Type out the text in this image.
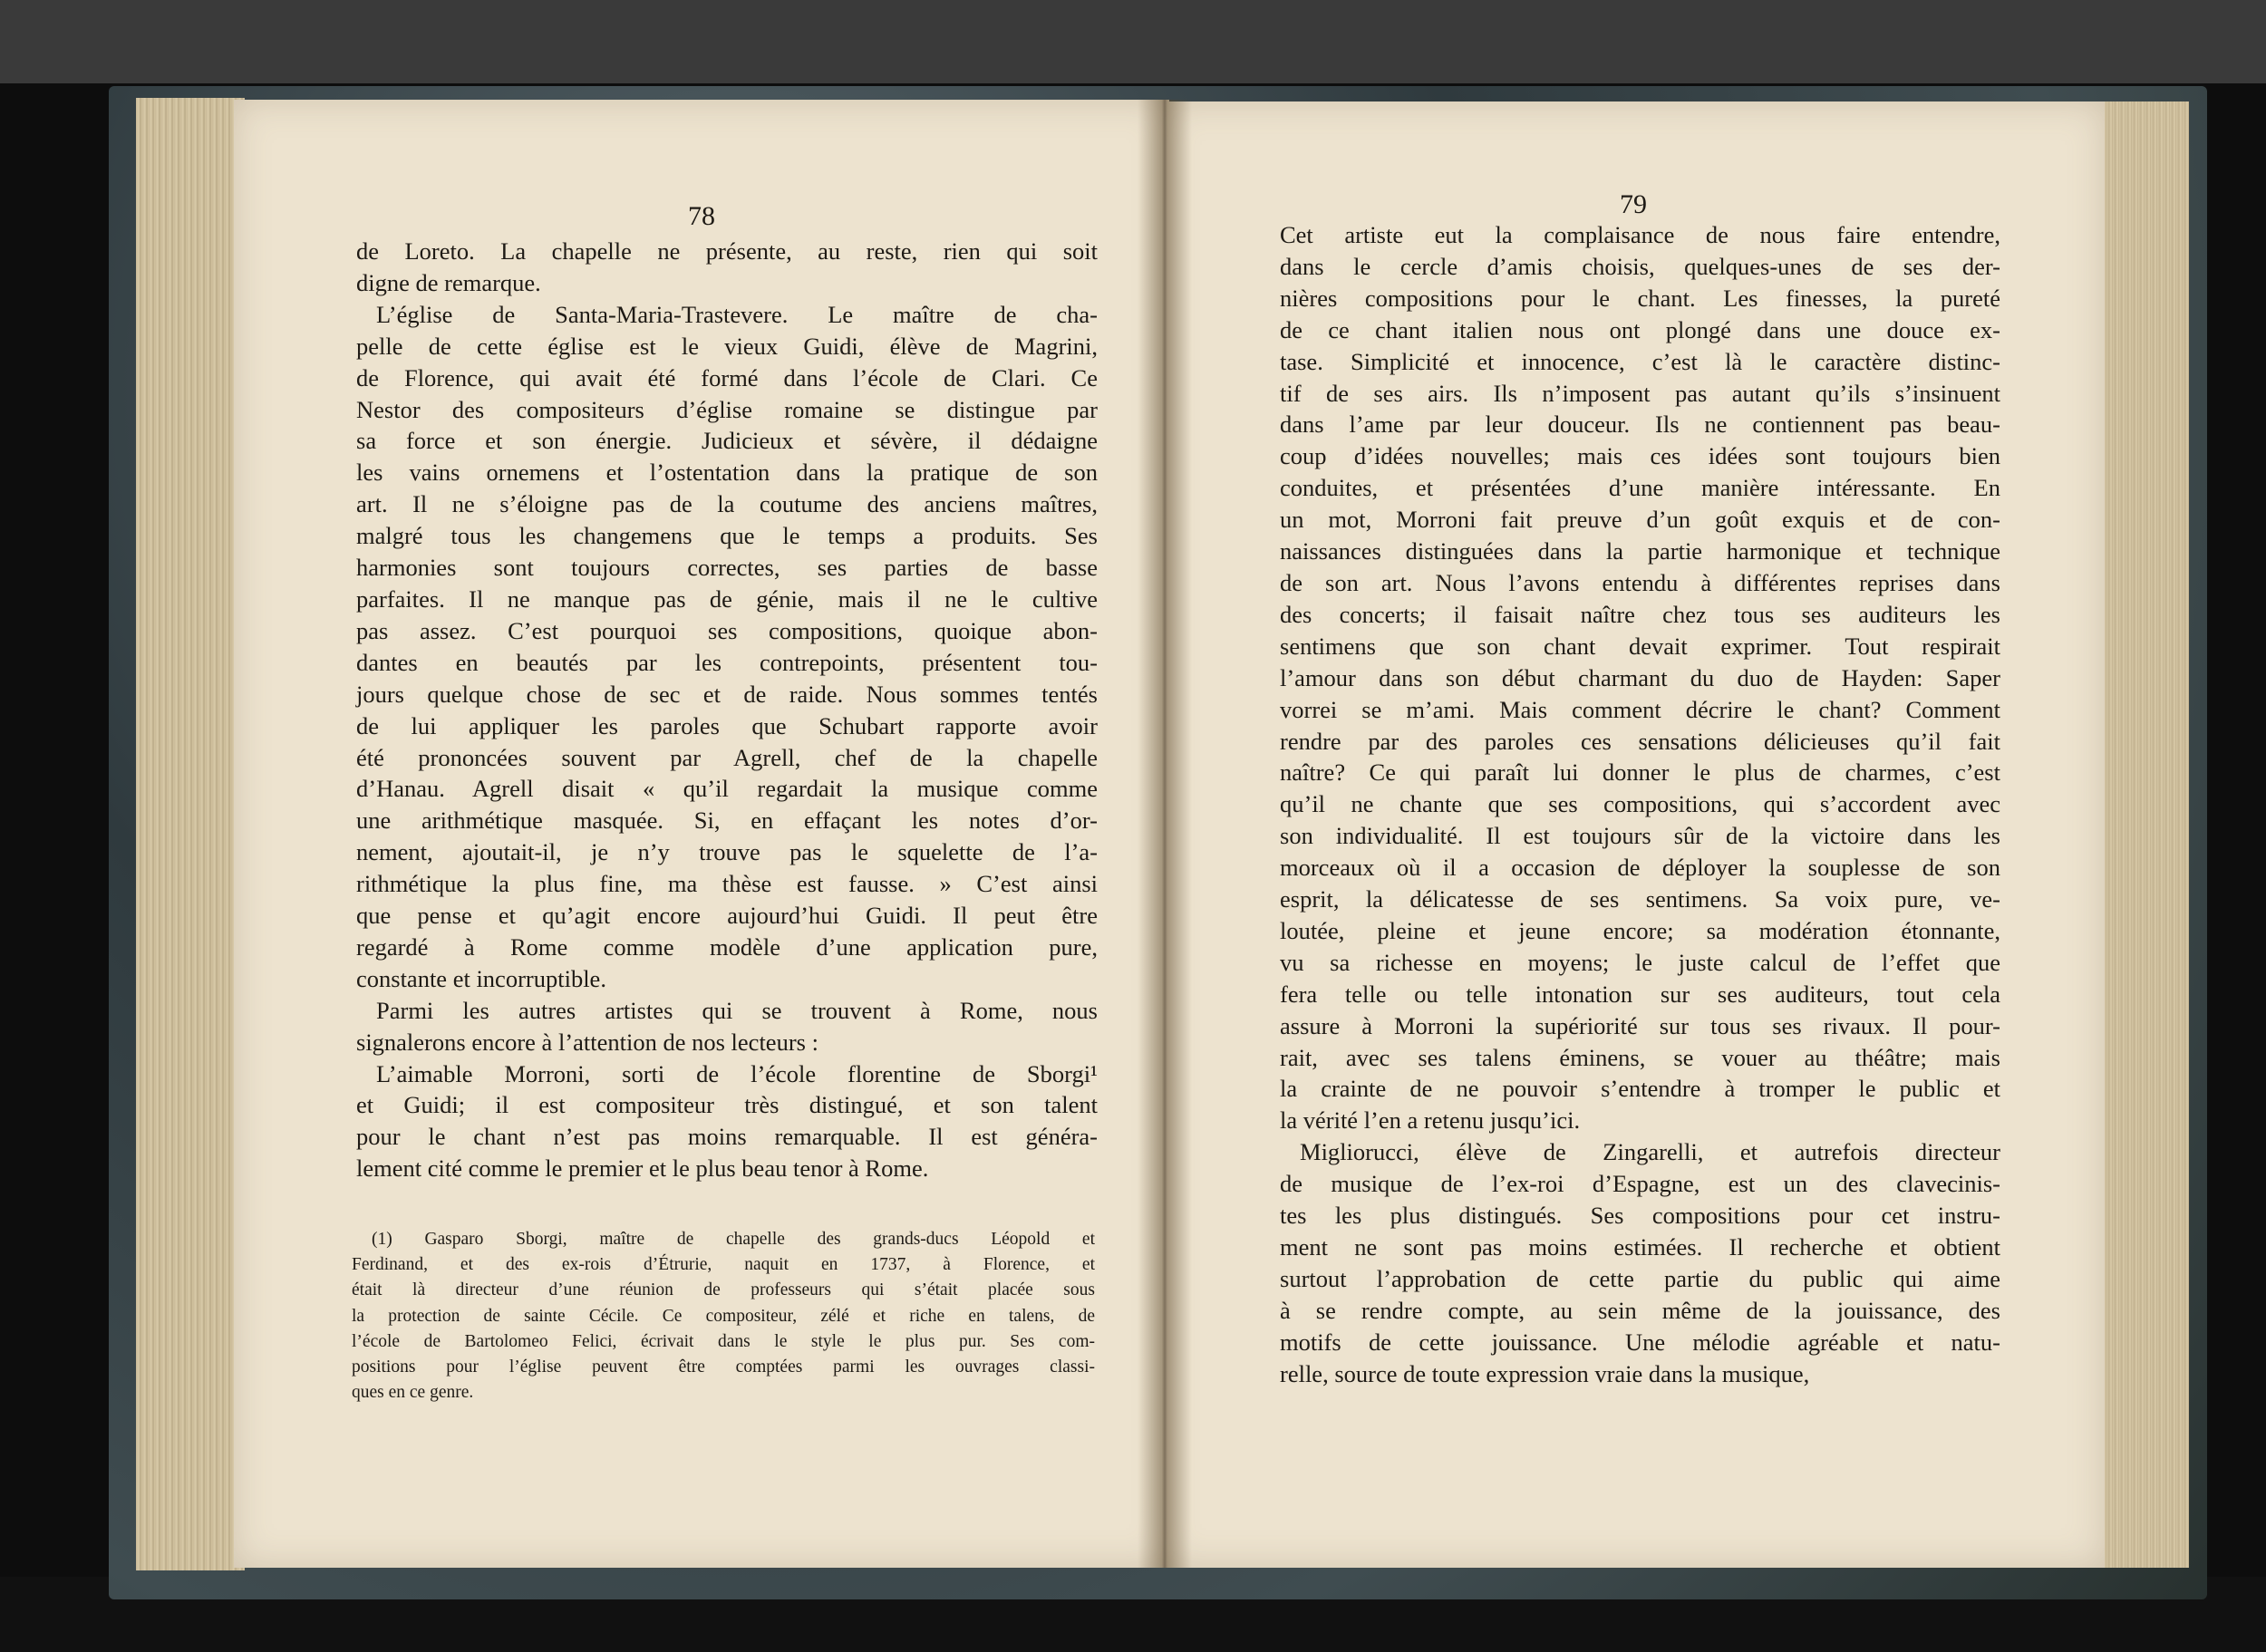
78
de Loreto. La chapelle ne présente, au reste, rien qui soit
digne de remarque.
L’église de Santa-Maria-Trastevere. Le maître de cha-
pelle de cette église est le vieux Guidi, élève de Magrini,
de Florence, qui avait été formé dans l’école de Clari. Ce
Nestor des compositeurs d’église romaine se distingue par
sa force et son énergie. Judicieux et sévère, il dédaigne
les vains ornemens et l’ostentation dans la pratique de son
art. Il ne s’éloigne pas de la coutume des anciens maîtres,
malgré tous les changemens que le temps a produits. Ses
harmonies sont toujours correctes, ses parties de basse
parfaites. Il ne manque pas de génie, mais il ne le cultive
pas assez. C’est pourquoi ses compositions, quoique abon-
dantes en beautés par les contrepoints, présentent tou-
jours quelque chose de sec et de raide. Nous sommes tentés
de lui appliquer les paroles que Schubart rapporte avoir
été prononcées souvent par Agrell, chef de la chapelle
d’Hanau. Agrell disait « qu’il regardait la musique comme
une arithmétique masquée. Si, en effaçant les notes d’or-
nement, ajoutait-il, je n’y trouve pas le squelette de l’a-
rithmétique la plus fine, ma thèse est fausse. » C’est ainsi
que pense et qu’agit encore aujourd’hui Guidi. Il peut être
regardé à Rome comme modèle d’une application pure,
constante et incorruptible.
Parmi les autres artistes qui se trouvent à Rome, nous
signalerons encore à l’attention de nos lecteurs :
L’aimable Morroni, sorti de l’école florentine de Sborgi¹
et Guidi; il est compositeur très distingué, et son talent
pour le chant n’est pas moins remarquable. Il est généra-
lement cité comme le premier et le plus beau tenor à Rome.
(1) Gasparo Sborgi, maître de chapelle des grands-ducs Léopold et
Ferdinand, et des ex-rois d’Étrurie, naquit en 1737, à Florence, et
était là directeur d’une réunion de professeurs qui s’était placée sous
la protection de sainte Cécile. Ce compositeur, zélé et riche en talens, de
l’école de Bartolomeo Felici, écrivait dans le style le plus pur. Ses com-
positions pour l’église peuvent être comptées parmi les ouvrages classi-
ques en ce genre.
79
Cet artiste eut la complaisance de nous faire entendre,
dans le cercle d’amis choisis, quelques-unes de ses der-
nières compositions pour le chant. Les finesses, la pureté
de ce chant italien nous ont plongé dans une douce ex-
tase. Simplicité et innocence, c’est là le caractère distinc-
tif de ses airs. Ils n’imposent pas autant qu’ils s’insinuent
dans l’ame par leur douceur. Ils ne contiennent pas beau-
coup d’idées nouvelles; mais ces idées sont toujours bien
conduites, et présentées d’une manière intéressante. En
un mot, Morroni fait preuve d’un goût exquis et de con-
naissances distinguées dans la partie harmonique et technique
de son art. Nous l’avons entendu à différentes reprises dans
des concerts; il faisait naître chez tous ses auditeurs les
sentimens que son chant devait exprimer. Tout respirait
l’amour dans son début charmant du duo de Hayden: Saper
vorrei se m’ami. Mais comment décrire le chant? Comment
rendre par des paroles ces sensations délicieuses qu’il fait
naître? Ce qui paraît lui donner le plus de charmes, c’est
qu’il ne chante que ses compositions, qui s’accordent avec
son individualité. Il est toujours sûr de la victoire dans les
morceaux où il a occasion de déployer la souplesse de son
esprit, la délicatesse de ses sentimens. Sa voix pure, ve-
loutée, pleine et jeune encore; sa modération étonnante,
vu sa richesse en moyens; le juste calcul de l’effet que
fera telle ou telle intonation sur ses auditeurs, tout cela
assure à Morroni la supériorité sur tous ses rivaux. Il pour-
rait, avec ses talens éminens, se vouer au théâtre; mais
la crainte de ne pouvoir s’entendre à tromper le public et
la vérité l’en a retenu jusqu’ici.
Migliorucci, élève de Zingarelli, et autrefois directeur
de musique de l’ex-roi d’Espagne, est un des clavecinis-
tes les plus distingués. Ses compositions pour cet instru-
ment ne sont pas moins estimées. Il recherche et obtient
surtout l’approbation de cette partie du public qui aime
à se rendre compte, au sein même de la jouissance, des
motifs de cette jouissance. Une mélodie agréable et natu-
relle, source de toute expression vraie dans la musique,
